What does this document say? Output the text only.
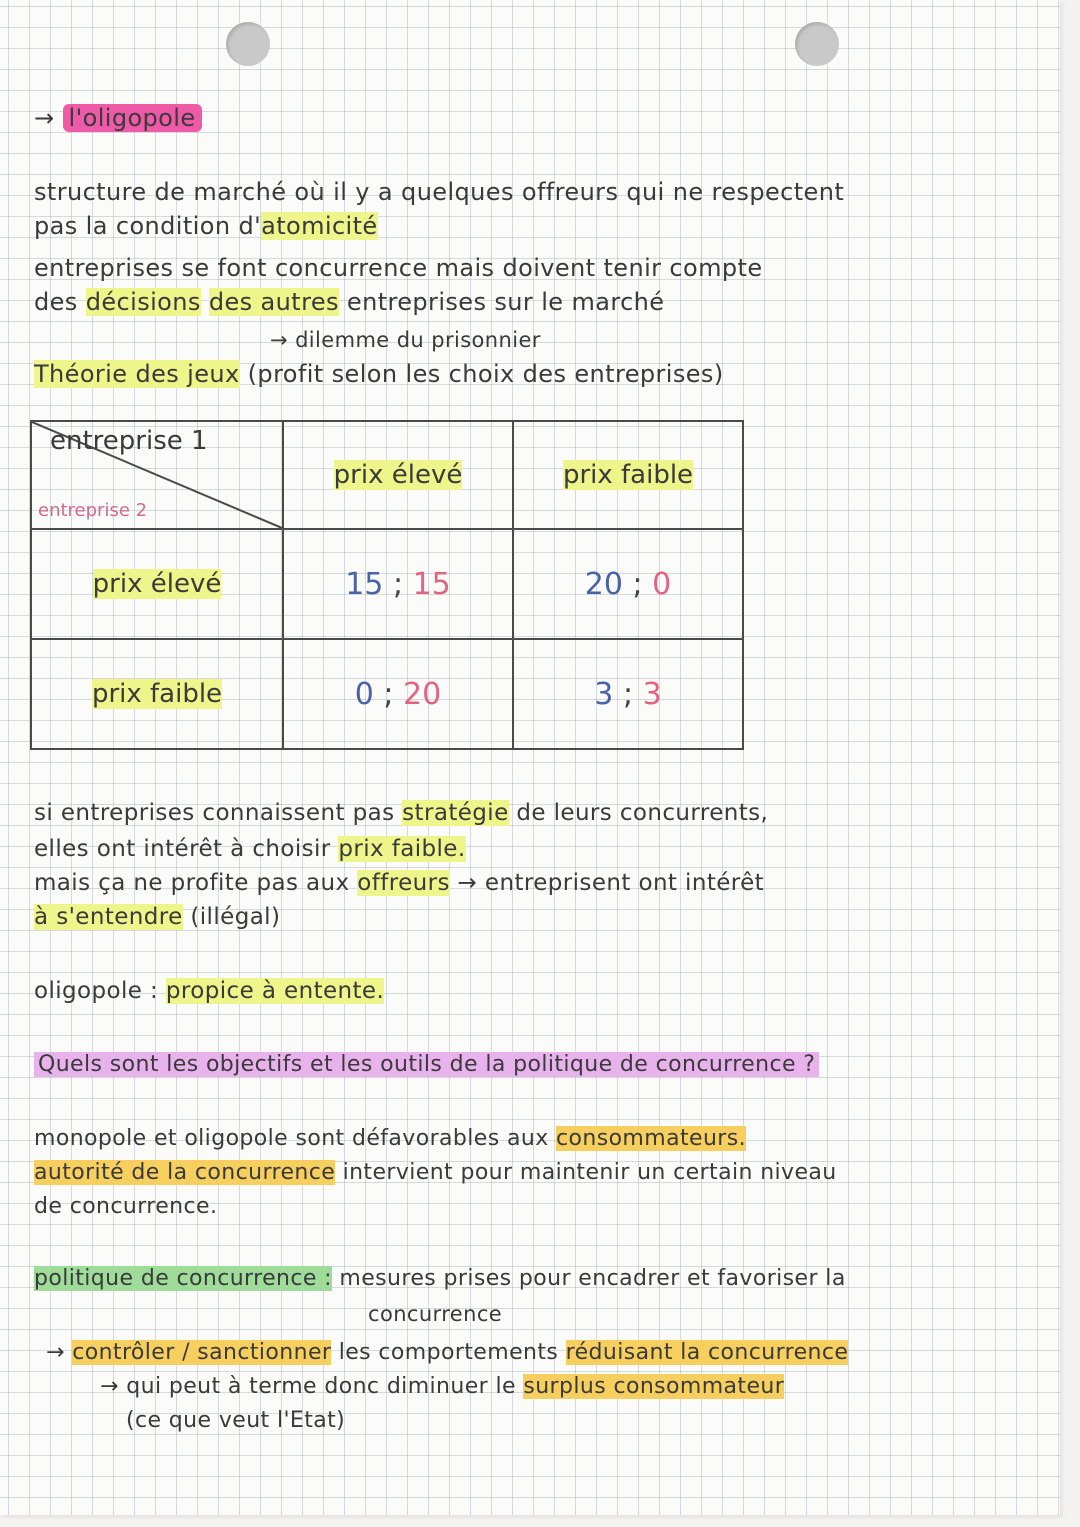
→ l'oligopole
structure de marché où il y a quelques offreurs qui ne respectent
pas la condition d'atomicité
entreprises se font concurrence mais doivent tenir compte
des décisions des autres entreprises sur le marché
→ dilemme du prisonnier
Théorie des jeux (profit selon les choix des entreprises)
entreprise 1
entreprise 2	prix élevé	prix faible
prix élevé	15 ; 15	20 ; 0
prix faible	0 ; 20	3 ; 3
si entreprises connaissent pas stratégie de leurs concurrents,
elles ont intérêt à choisir prix faible.
mais ça ne profite pas aux offreurs → entreprisent ont intérêt
à s'entendre (illégal)
oligopole : propice à entente.
Quels sont les objectifs et les outils de la politique de concurrence ?
monopole et oligopole sont défavorables aux consommateurs.
autorité de la concurrence intervient pour maintenir un certain niveau
de concurrence.
politique de concurrence : mesures prises pour encadrer et favoriser la
concurrence
→ contrôler / sanctionner les comportements réduisant la concurrence
→ qui peut à terme donc diminuer le surplus consommateur
(ce que veut l'Etat)
